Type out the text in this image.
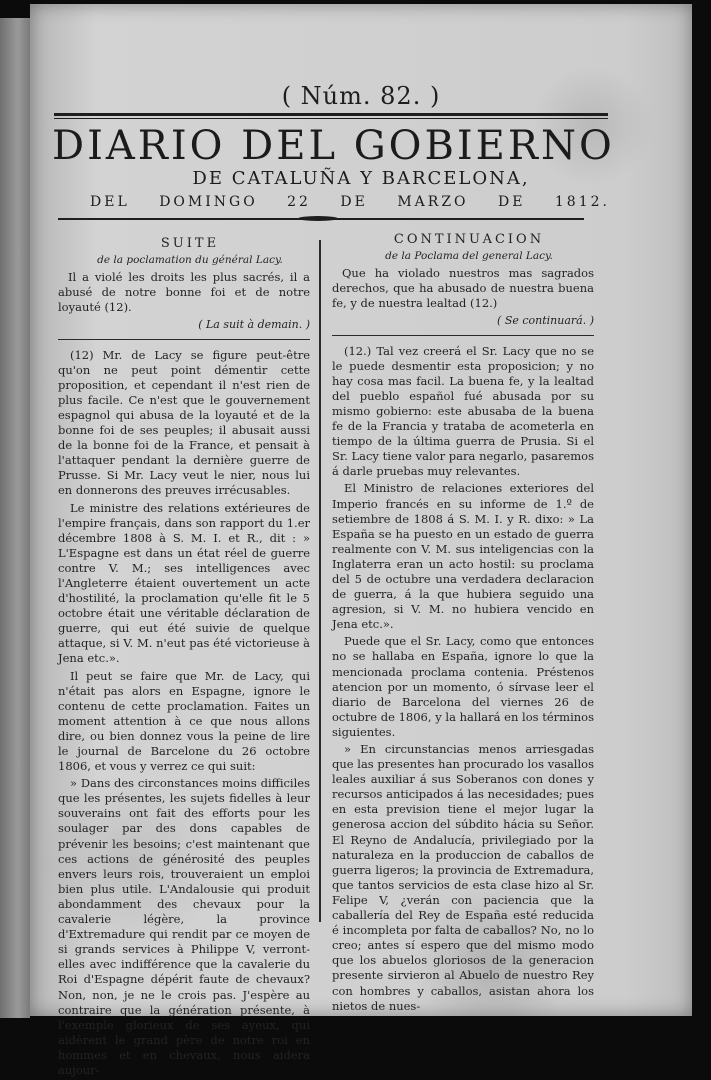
( Núm. 82. )
DIARIO DEL GOBIERNO
DE CATALUÑA Y BARCELONA,
DEL DOMINGO 22 DE MARZO DE 1812.

SUITE

de la poclamation du général Lacy.

Il a violé les droits les plus sacrés, il a abusé de notre bonne foi et de notre loyauté (12).

( La suit à demain. )

(12) Mr. de Lacy se figure peut-être qu'on ne peut point démentir cette proposition, et cependant il n'est rien de plus facile. Ce n'est que le gouvernement espagnol qui abusa de la loyauté et de la bonne foi de ses peuples; il abusait aussi de la bonne foi de la France, et pensait à l'attaquer pendant la dernière guerre de Prusse. Si Mr. Lacy veut le nier, nous lui en donnerons des preuves irrécusables.

Le ministre des relations extérieures de l'empire français, dans son rapport du 1.er décembre 1808 à S. M. I. et R., dit : » L'Espagne est dans un état réel de guerre contre V. M.; ses intelligences avec l'Angleterre étaient ouvertement un acte d'hostilité, la proclamation qu'elle fit le 5 octobre était une véritable déclaration de guerre, qui eut été suivie de quelque attaque, si V. M. n'eut pas été victorieuse à Jena etc.».

Il peut se faire que Mr. de Lacy, qui n'était pas alors en Espagne, ignore le contenu de cette proclamation. Faites un moment attention à ce que nous allons dire, ou bien donnez vous la peine de lire le journal de Barcelone du 26 octobre 1806, et vous y verrez ce qui suit:

» Dans des circonstances moins difficiles que les présentes, les sujets fidelles à leur souverains ont fait des efforts pour les soulager par des dons capables de prévenir les besoins; c'est maintenant que ces actions de générosité des peuples envers leurs rois, trouveraient un emploi bien plus utile. L'Andalousie qui produit abondamment des chevaux pour la cavalerie légère, la province d'Extremadure qui rendit par ce moyen de si grands services à Philippe V, verront-elles avec indifférence que la cavalerie du Roi d'Espagne dépérit faute de chevaux? Non, non, je ne le crois pas. J'espère au contraire que la génération présente, à l'exemple glorieux de ses ayeux, qui aidèrent le grand père de notre roi en hommes et en chevaux, nous aidera aujour-

CONTINUACION

de la Poclama del general Lacy.

Que ha violado nuestros mas sagrados derechos, que ha abusado de nuestra buena fe, y de nuestra lealtad (12.)

( Se continuará. )

(12.) Tal vez creerá el Sr. Lacy que no se le puede desmentir esta proposicion; y no hay cosa mas facil. La buena fe, y la lealtad del pueblo español fué abusada por su mismo gobierno: este abusaba de la buena fe de la Francia y trataba de acometerla en tiempo de la última guerra de Prusia. Si el Sr. Lacy tiene valor para negarlo, pasaremos á darle pruebas muy relevantes.

El Ministro de relaciones exteriores del Imperio francés en su informe de 1.º de setiembre de 1808 á S. M. I. y R. dixo: » La España se ha puesto en un estado de guerra realmente con V. M. sus inteligencias con la Inglaterra eran un acto hostil: su proclama del 5 de octubre una verdadera declaracion de guerra, á la que hubiera seguido una agresion, si V. M. no hubiera vencido en Jena etc.».

Puede que el Sr. Lacy, como que entonces no se hallaba en España, ignore lo que la mencionada proclama contenia. Préstenos atencion por un momento, ó sírvase leer el diario de Barcelona del viernes 26 de octubre de 1806, y la hallará en los términos siguientes.

» En circunstancias menos arriesgadas que las presentes han procurado los vasallos leales auxiliar á sus Soberanos con dones y recursos anticipados á las necesidades; pues en esta prevision tiene el mejor lugar la generosa accion del súbdito hácia su Señor. El Reyno de Andalucía, privilegiado por la naturaleza en la produccion de caballos de guerra ligeros; la provincia de Extremadura, que tantos servicios de esta clase hizo al Sr. Felipe V, ¿verán con paciencia que la caballería del Rey de España esté reducida é incompleta por falta de caballos? No, no lo creo; antes sí espero que del mismo modo que los abuelos gloriosos de la generacion presente sirvieron al Abuelo de nuestro Rey con hombres y caballos, asistan ahora los nietos de nues-
